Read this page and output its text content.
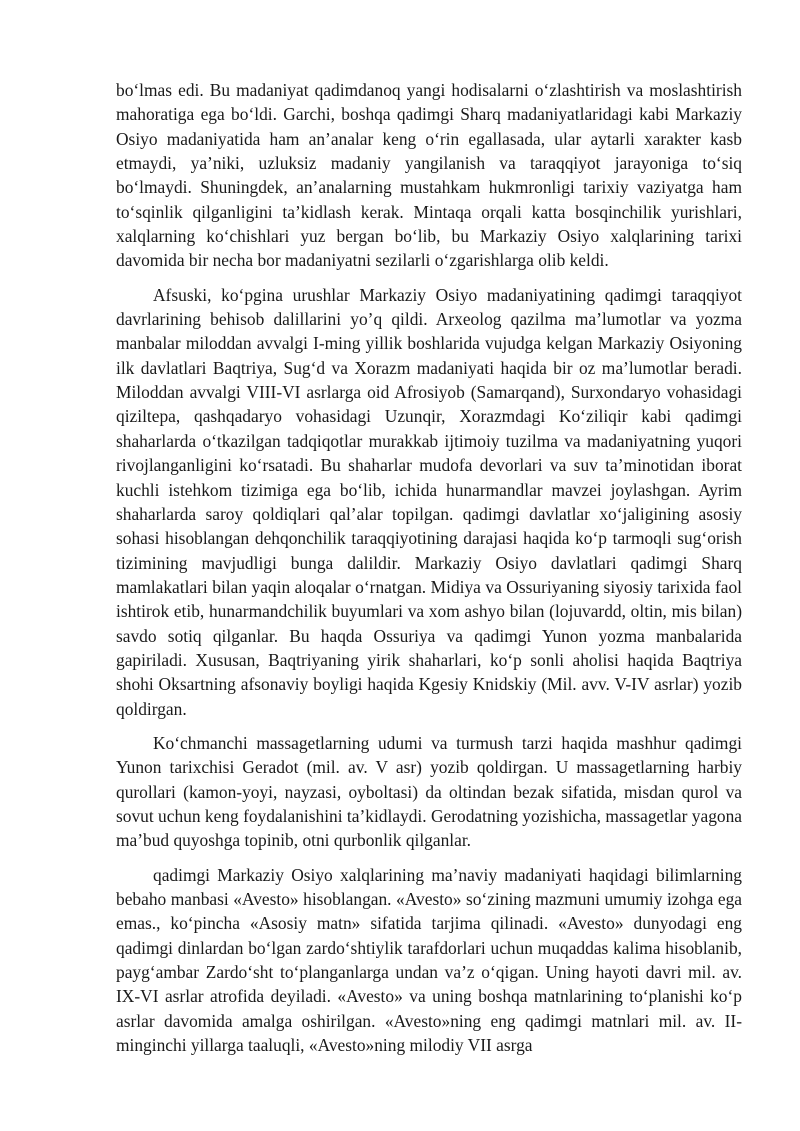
bo‘lmas edi. Bu madaniyat qadimdanoq yangi hodisalarni o‘zlashtirish va moslashtirish mahoratiga ega bo‘ldi. Garchi, boshqa qadimgi Sharq madaniyatlaridagi kabi Markaziy Osiyo madaniyatida ham an’analar keng o‘rin egallasada, ular aytarli xarakter kasb etmaydi, ya’niki, uzluksiz madaniy yangilanish va taraqqiyot jarayoniga to‘siq bo‘lmaydi. Shuningdek, an’analarning mustahkam hukmronligi tarixiy vaziyatga ham to‘sqinlik qilganligini ta’kidlash kerak. Mintaqa orqali katta bosqinchilik yurishlari, xalqlarning ko‘chishlari yuz bergan bo‘lib, bu Markaziy Osiyo xalqlarining tarixi davomida bir necha bor madaniyatni sezilarli o‘zgarishlarga olib keldi.

Afsuski, ko‘pgina urushlar Markaziy Osiyo madaniyatining qadimgi taraqqiyot davrlarining behisob dalillarini yo’q qildi. Arxeolog qazilma ma’lumotlar va yozma manbalar miloddan avvalgi I-ming yillik boshlarida vujudga kelgan Markaziy Osiyoning ilk davlatlari Baqtriya, Sug‘d va Xorazm madaniyati haqida bir oz ma’lumotlar beradi. Miloddan avvalgi VIII-VI asrlarga oid Afrosiyob (Samarqand), Surxondaryo vohasidagi qiziltepa, qashqadaryo vohasidagi Uzunqir, Xorazmdagi Ko‘ziliqir kabi qadimgi shaharlarda o‘tkazilgan tadqiqotlar murakkab ijtimoiy tuzilma va madaniyatning yuqori rivojlanganligini ko‘rsatadi. Bu shaharlar mudofa devorlari va suv ta’minotidan iborat kuchli istehkom tizimiga ega bo‘lib, ichida hunarmandlar mavzei joylashgan. Ayrim shaharlarda saroy qoldiqlari qal’alar topilgan. qadimgi davlatlar xo‘jaligining asosiy sohasi hisoblangan dehqonchilik taraqqiyotining darajasi haqida ko‘p tarmoqli sug‘orish tizimining mavjudligi bunga dalildir. Markaziy Osiyo davlatlari qadimgi Sharq mamlakatlari bilan yaqin aloqalar o‘rnatgan. Midiya va Ossuriyaning siyosiy tarixida faol ishtirok etib, hunarmandchilik buyumlari va xom ashyo bilan (lojuvardd, oltin, mis bilan) savdo sotiq qilganlar. Bu haqda Ossuriya va qadimgi Yunon yozma manbalarida gapiriladi. Xususan, Baqtriyaning yirik shaharlari, ko‘p sonli aholisi haqida Baqtriya shohi Oksartning afsonaviy boyligi haqida Kgesiy Knidskiy (Mil. avv. V-IV asrlar) yozib qoldirgan.

Ko‘chmanchi massagetlarning udumi va turmush tarzi haqida mashhur qadimgi Yunon tarixchisi Geradot (mil. av. V asr) yozib qoldirgan. U massagetlarning harbiy qurollari (kamon-yoyi, nayzasi, oyboltasi) da oltindan bezak sifatida, misdan qurol va sovut uchun keng foydalanishini ta’kidlaydi. Gerodatning yozishicha, massagetlar yagona ma’bud quyoshga topinib, otni qurbonlik qilganlar.

qadimgi Markaziy Osiyo xalqlarining ma’naviy madaniyati haqidagi bilimlarning bebaho manbasi «Avesto» hisoblangan. «Avesto» so‘zining mazmuni umumiy izohga ega emas., ko‘pincha «Asosiy matn» sifatida tarjima qilinadi. «Avesto» dunyodagi eng qadimgi dinlardan bo‘lgan zardo‘shtiylik tarafdorlari uchun muqaddas kalima hisoblanib, payg‘ambar Zardo‘sht to‘planganlarga undan va’z o‘qigan. Uning hayoti davri mil. av. IX-VI asrlar atrofida deyiladi. «Avesto» va uning boshqa matnlarining to‘planishi ko‘p asrlar davomida amalga oshirilgan. «Avesto»ning eng qadimgi matnlari mil. av. II- minginchi yillarga taaluqli, «Avesto»ning milodiy VII asrga
